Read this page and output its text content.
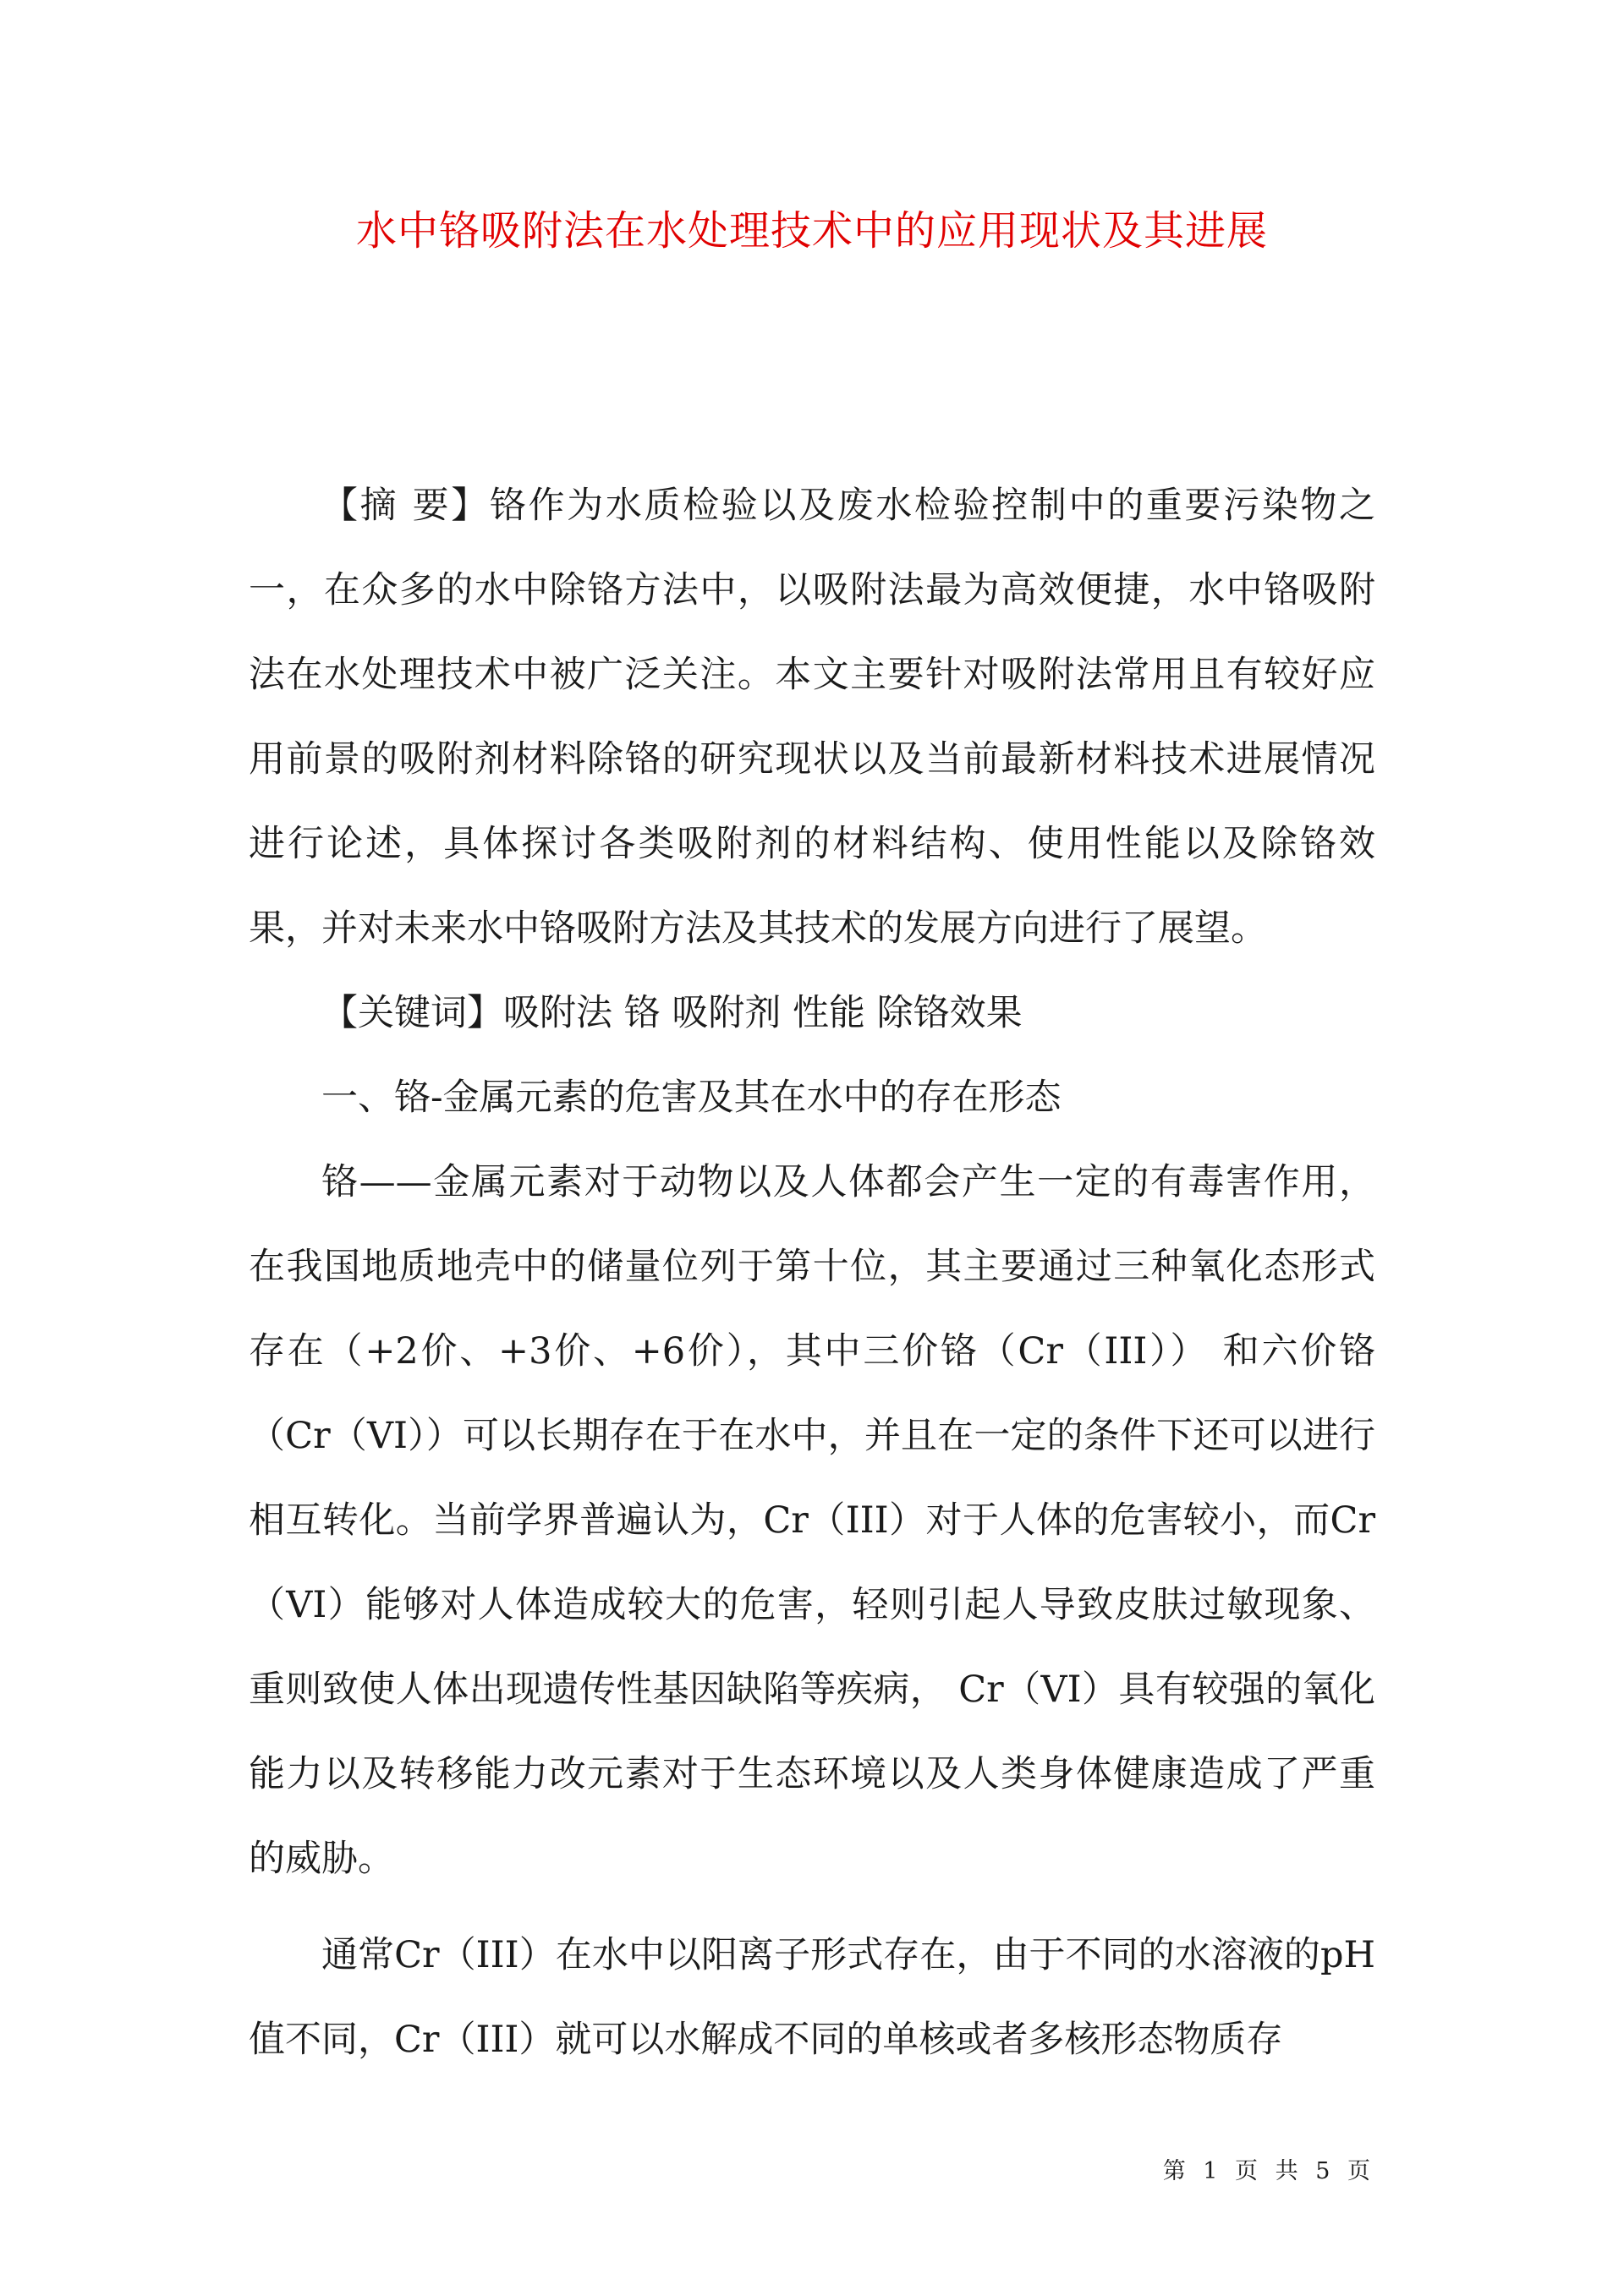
水中铬吸附法在水处理技术中的应用现状及其进展

【摘 要】铬作为水质检验以及废水检验控制中的重要污染物之一，在众多的水中除铬方法中，以吸附法最为高效便捷，水中铬吸附法在水处理技术中被广泛关注。本文主要针对吸附法常用且有较好应用前景的吸附剂材料除铬的研究现状以及当前最新材料技术进展情况进行论述，具体探讨各类吸附剂的材料结构、使用性能以及除铬效果，并对未来水中铬吸附方法及其技术的发展方向进行了展望。

【关键词】吸附法 铬 吸附剂 性能 除铬效果

一、铬-金属元素的危害及其在水中的存在形态

铬——金属元素对于动物以及人体都会产生一定的有毒害作用，在我国地质地壳中的储量位列于第十位，其主要通过三种氧化态形式存在（+2价、+3价、+6价），其中三价铬（Cr（III）） 和六价铬（Cr（VI））可以长期存在于在水中，并且在一定的条件下还可以进行相互转化。当前学界普遍认为，Cr（III）对于人体的危害较小，而Cr（VI）能够对人体造成较大的危害，轻则引起人导致皮肤过敏现象、重则致使人体出现遗传性基因缺陷等疾病， Cr（VI）具有较强的氧化能力以及转移能力改元素对于生态环境以及人类身体健康造成了严重的威胁。

通常Cr（III）在水中以阳离子形式存在，由于不同的水溶液的pH值不同，Cr（III）就可以水解成不同的单核或者多核形态物质存

第 1 页 共 5 页
